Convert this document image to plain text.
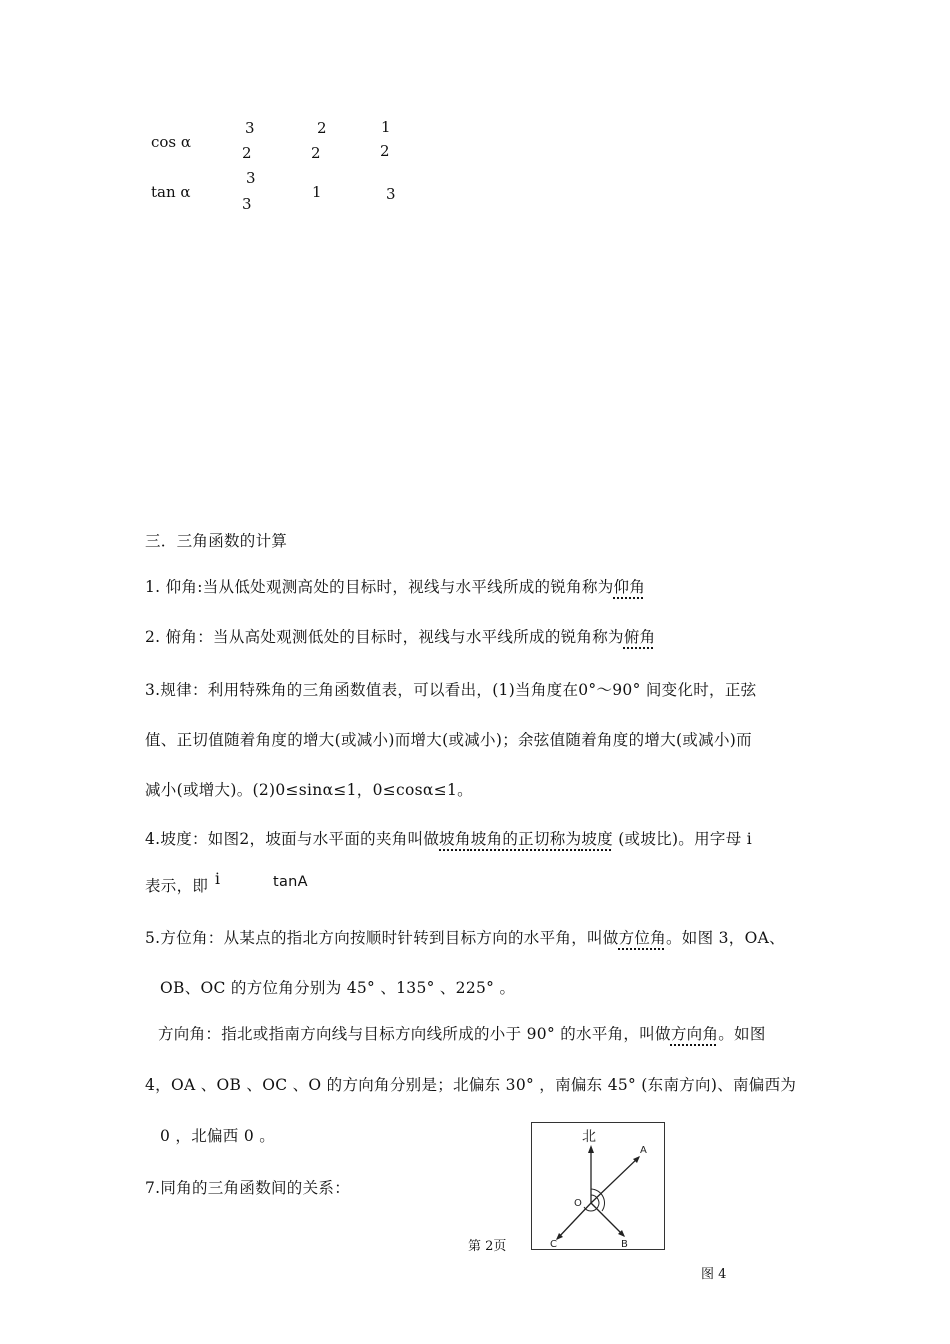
cos α
3
2
2
2
1
2
tan α
3
3
1	3
三．三角函数的计算
1. 仰角:当从低处观测高处的目标时，视线与水平线所成的锐角称为仰角
2. 俯角：当从高处观测低处的目标时，视线与水平线所成的锐角称为俯角
3.规律：利用特殊角的三角函数值表，可以看出，(1)当角度在0°～90° 间变化时，正弦
值、正切值随着角度的增大(或减小)而增大(或减小)；余弦值随着角度的增大(或减小)而
减小(或增大)。(2)0≤sinα≤1，0≤cosα≤1。
4.坡度：如图2，坡面与水平面的夹角叫做坡角坡角的正切称为坡度 (或坡比)。用字母 i
表示，即 i	tanA
5.方位角：从某点的指北方向按顺时针转到目标方向的水平角，叫做方位角。如图 3，OA、
OB、OC 的方位角分别为 45° 、135° 、225° 。
方向角：指北或指南方向线与目标方向线所成的小于 90° 的水平角，叫做方向角。如图
4，OA 、OB 、OC 、O 的方向角分别是；北偏东 30° ，南偏东 45° (东南方向)、南偏西为
0 ，北偏西 0 。
7.同角的三角函数间的关系：
第 2页
北
A
B
C
O
图 4
